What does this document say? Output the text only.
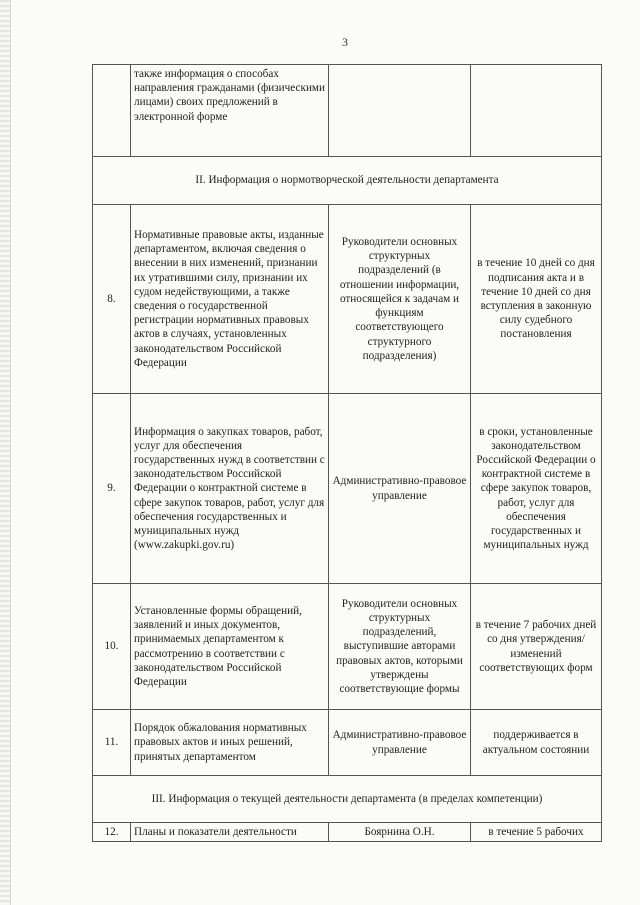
3
	также информация о способах направления гражданами (физическими лицами) своих предложений в электронной форме		
II. Информация о нормотворческой деятельности департамента			
8.	Нормативные правовые акты, изданные департаментом, включая сведения о внесении в них изменений, признании их утратившими силу, признании их судом недействующими, а также сведения о государственной регистрации нормативных правовых актов в случаях, установленных законодательством Российской Федерации	Руководители основных структурных подразделений (в отношении информации, относящейся к задачам и функциям соответствующего структурного подразделения)	в течение 10 дней со дня подписания акта и в течение 10 дней со дня вступления в законную силу судебного постановления
9.	Информация о закупках товаров, работ, услуг для обеспечения государственных нужд в соответствии с законодательством Российской Федерации о контрактной системе в сфере закупок товаров, работ, услуг для обеспечения государственных и муниципальных нужд (www.zakupki.gov.ru)	Административно-правовое управление	в сроки, установленные законодательством Российской Федерации о контрактной системе в сфере закупок товаров, работ, услуг для обеспечения государственных и муниципальных нужд
10.	Установленные формы обращений, заявлений и иных документов, принимаемых департаментом к рассмотрению в соответствии с законодательством Российской Федерации	Руководители основных структурных подразделений, выступившие авторами правовых актов, которыми утверждены соответствующие формы	в течение 7 рабочих дней со дня утверждения/ изменений соответствующих форм
11.	Порядок обжалования нормативных правовых актов и иных решений, принятых департаментом	Административно-правовое управление	поддерживается в актуальном состоянии
III. Информация о текущей деятельности департамента (в пределах компетенции)			
12.	Планы и показатели деятельности	Боярнина О.Н.	в течение 5 рабочих
